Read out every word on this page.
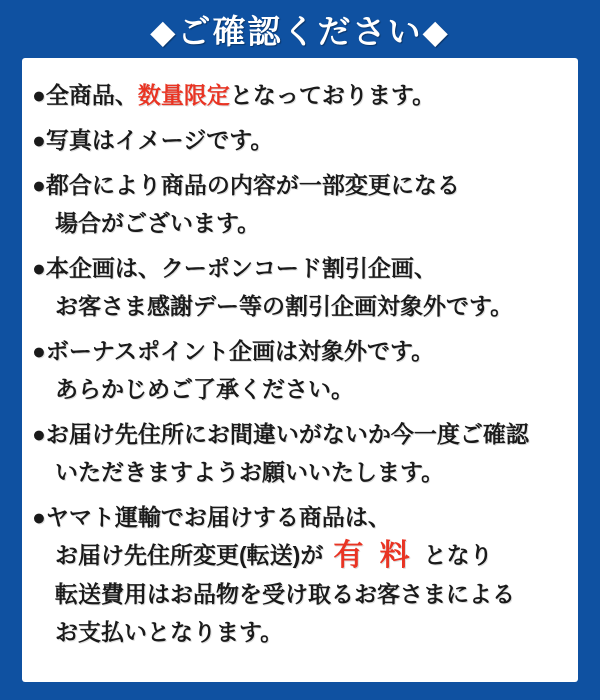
◆ご確認ください◆
●全商品、数量限定となっております。
●写真はイメージです。
●都合により商品の内容が一部変更になる
場合がございます。
●本企画は、クーポンコード割引企画、
お客さま感謝デー等の割引企画対象外です。
●ボーナスポイント企画は対象外です。
あらかじめご了承ください。
●お届け先住所にお間違いがないか今一度ご確認
いただきますようお願いいたします。
●ヤマト運輸でお届けする商品は、
お届け先住所変更(転送)が 有 料 となり
転送費用はお品物を受け取るお客さまによる
お支払いとなります。
